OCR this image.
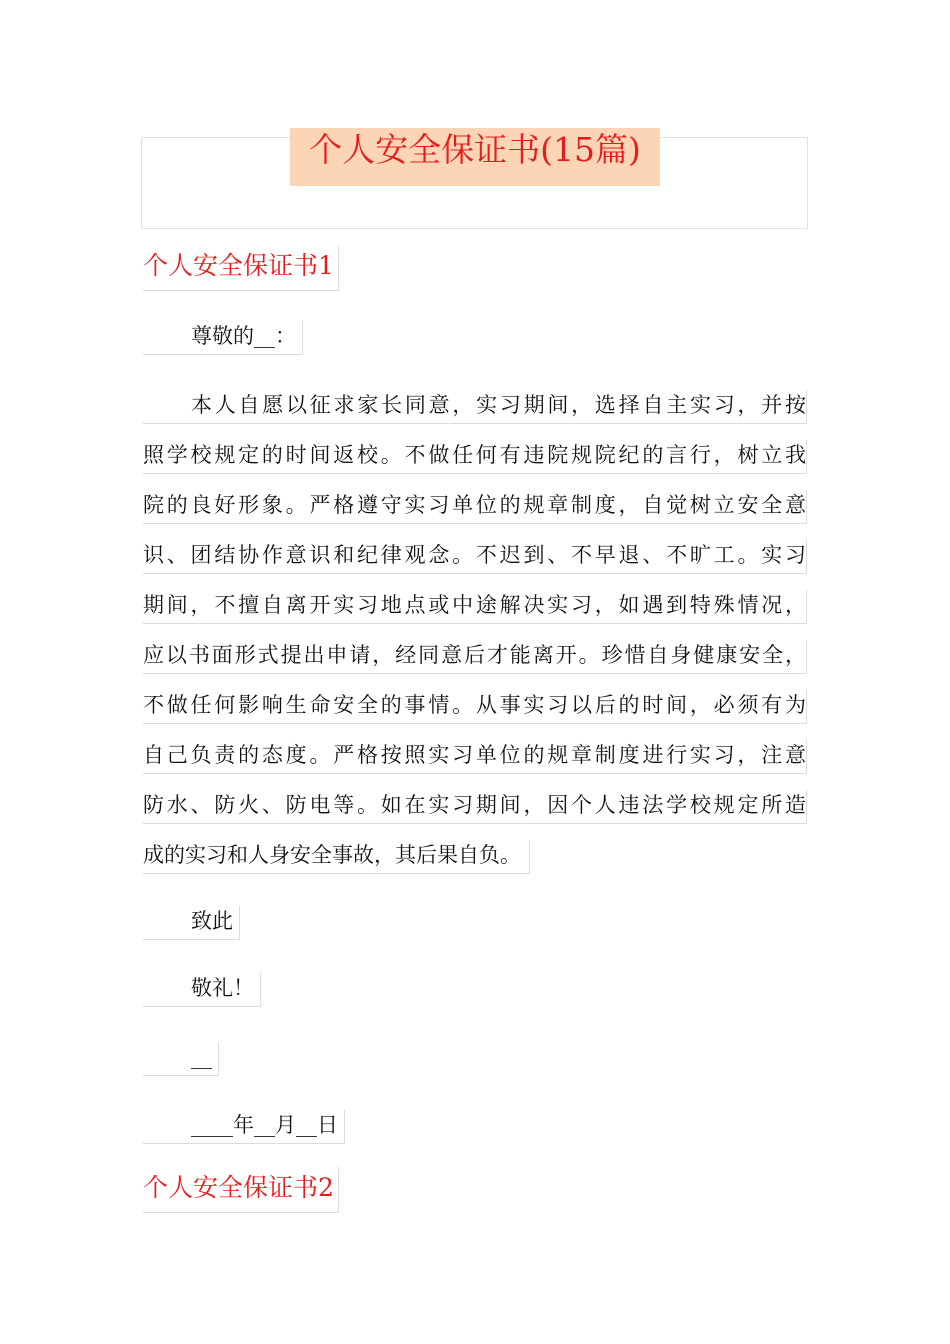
个人安全保证书(15篇)
个人安全保证书1
尊敬的__：
本人自愿以征求家长同意，实习期间，选择自主实习，并按
照学校规定的时间返校。不做任何有违院规院纪的言行，树立我
院的良好形象。严格遵守实习单位的规章制度，自觉树立安全意
识、团结协作意识和纪律观念。不迟到、不早退、不旷工。实习
期间，不擅自离开实习地点或中途解决实习，如遇到特殊情况，
应以书面形式提出申请，经同意后才能离开。珍惜自身健康安全，
不做任何影响生命安全的事情。从事实习以后的时间，必须有为
自己负责的态度。严格按照实习单位的规章制度进行实习，注意
防水、防火、防电等。如在实习期间，因个人违法学校规定所造
成的实习和人身安全事故，其后果自负。
致此
敬礼！
__
____年__月__日
个人安全保证书2
